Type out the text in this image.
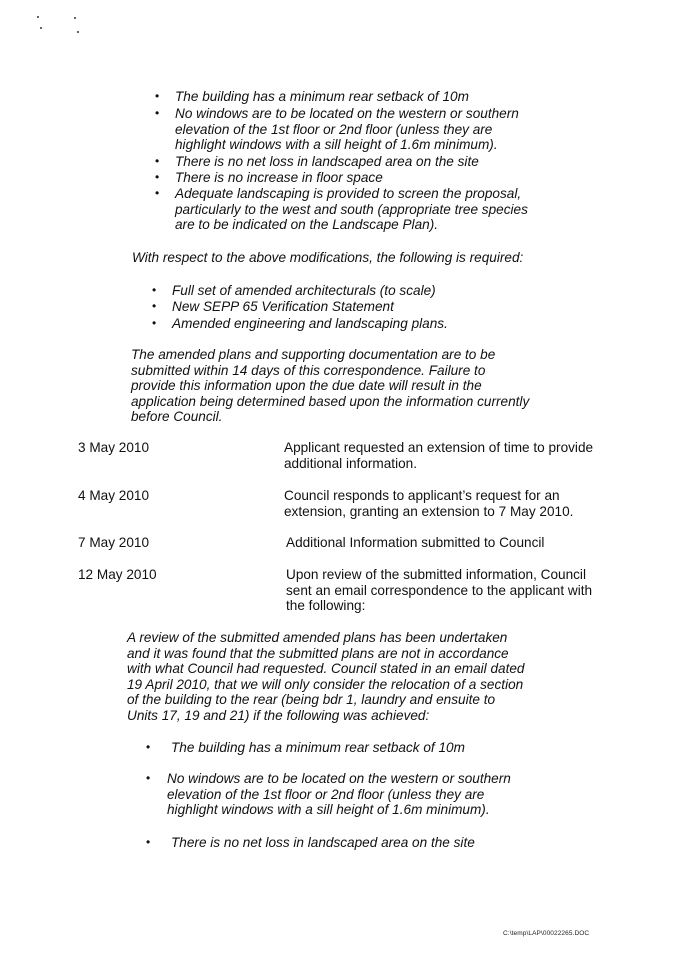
• The building has a minimum rear setback of 10m
• No windows are to be located on the western or southern
elevation of the 1st floor or 2nd floor (unless they are
highlight windows with a sill height of 1.6m minimum).
• There is no net loss in landscaped area on the site
• There is no increase in floor space
• Adequate landscaping is provided to screen the proposal,
particularly to the west and south (appropriate tree species
are to be indicated on the Landscape Plan).
With respect to the above modifications, the following is required:
• Full set of amended architecturals (to scale)
• New SEPP 65 Verification Statement
• Amended engineering and landscaping plans.
The amended plans and supporting documentation are to be
submitted within 14 days of this correspondence. Failure to
provide this information upon the due date will result in the
application being determined based upon the information currently
before Council.
3 May 2010	Applicant requested an extension of time to provide
additional information.
4 May 2010	Council responds to applicant’s request for an
extension, granting an extension to 7 May 2010.
7 May 2010	Additional Information submitted to Council
12 May 2010	Upon review of the submitted information, Council
sent an email correspondence to the applicant with
the following:
A review of the submitted amended plans has been undertaken
and it was found that the submitted plans are not in accordance
with what Council had requested. Council stated in an email dated
19 April 2010, that we will only consider the relocation of a section
of the building to the rear (being bdr 1, laundry and ensuite to
Units 17, 19 and 21) if the following was achieved:
• The building has a minimum rear setback of 10m
• No windows are to be located on the western or southern
elevation of the 1st floor or 2nd floor (unless they are
highlight windows with a sill height of 1.6m minimum).
• There is no net loss in landscaped area on the site
C:\temp\LAP\00022265.DOC
